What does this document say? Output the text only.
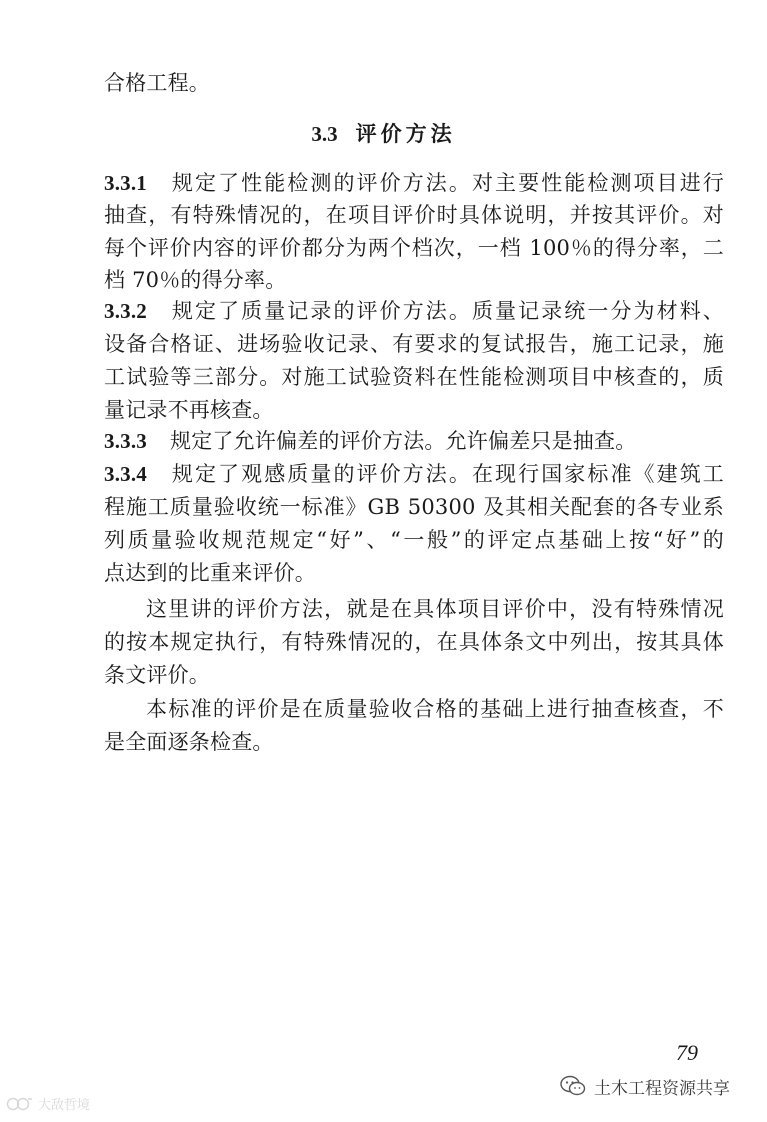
合格工程。
3.3 评价方法
3.3.1 规定了性能检测的评价方法。对主要性能检测项目进行
抽查，有特殊情况的，在项目评价时具体说明，并按其评价。对
每个评价内容的评价都分为两个档次，一档 100％的得分率，二
档 70％的得分率。
3.3.2 规定了质量记录的评价方法。质量记录统一分为材料、
设备合格证、进场验收记录、有要求的复试报告，施工记录，施
工试验等三部分。对施工试验资料在性能检测项目中核查的，质
量记录不再核查。
3.3.3 规定了允许偏差的评价方法。允许偏差只是抽查。
3.3.4 规定了观感质量的评价方法。在现行国家标准《建筑工
程施工质量验收统一标准》GB 50300 及其相关配套的各专业系
列质量验收规范规定“好”、“一般”的评定点基础上按“好”的
点达到的比重来评价。
这里讲的评价方法，就是在具体项目评价中，没有特殊情况
的按本规定执行，有特殊情况的，在具体条文中列出，按其具体
条文评价。
本标准的评价是在质量验收合格的基础上进行抽查核查，不
是全面逐条检查。
79
土木工程资源共享
大敌哲境
